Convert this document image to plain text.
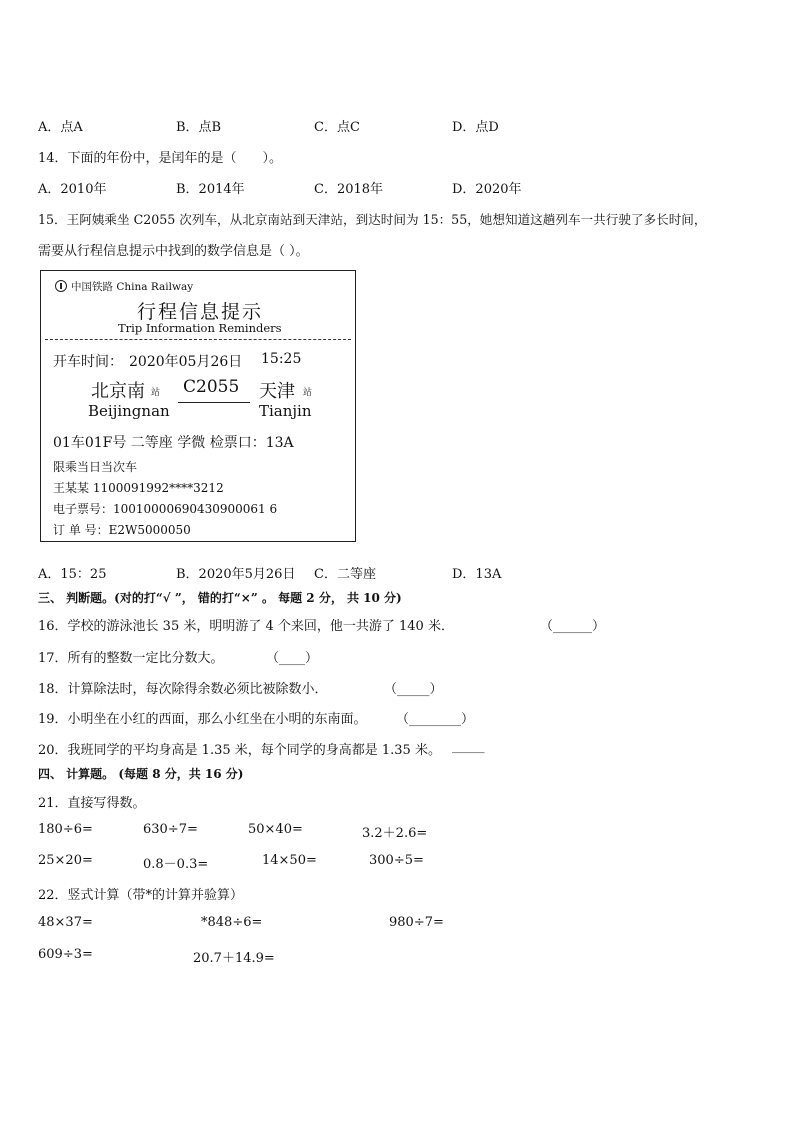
A．点A	B．点B	C．点C	D．点D
14．下面的年份中，是闰年的是（　　）。
A．2010年	B．2014年	C．2018年	D．2020年
15．王阿姨乘坐 C2055 次列车，从北京南站到天津站，到达时间为 15：55，她想知道这趟列车一共行驶了多长时间，
需要从行程信息提示中找到的数学信息是（ ）。
中国铁路 China Railway
行程信息提示
Trip Information Reminders
开车时间： 2020年05月26日 15:25
北京南 站 C2055 天津 站
Beijingnan	Tianjin
01车01F号 二等座 学微 检票口：13A
限乘当日当次车
王某某 1100091992****3212
电子票号：10010000690430900061 6
订 单 号：E2W5000050
A．15：25	B．2020年5月26日 C．二等座	D．13A
三、 判断题。(对的打“√ ”， 错的打“×” 。 每题 2 分， 共 10 分)
16．学校的游泳池长 35 米，明明游了 4 个来回，他一共游了 140 米．	（______）
17．所有的整数一定比分数大。	（____）
18．计算除法时，每次除得余数必须比被除数小．	（_____）
19．小明坐在小红的西面，那么小红坐在小明的东南面。 （________）
20．我班同学的平均身高是 1.35 米，每个同学的身高都是 1.35 米。 _____
四、 计算题。 (每题 8 分，共 16 分)
21．直接写得数。
180÷6=	630÷7=	50×40=	3.2＋2.6=
25×20=	0.8－0.3=	14×50=	300÷5=
22．竖式计算（带*的计算并验算）
48×37=	*848÷6=	980÷7=
609÷3=	20.7＋14.9=
